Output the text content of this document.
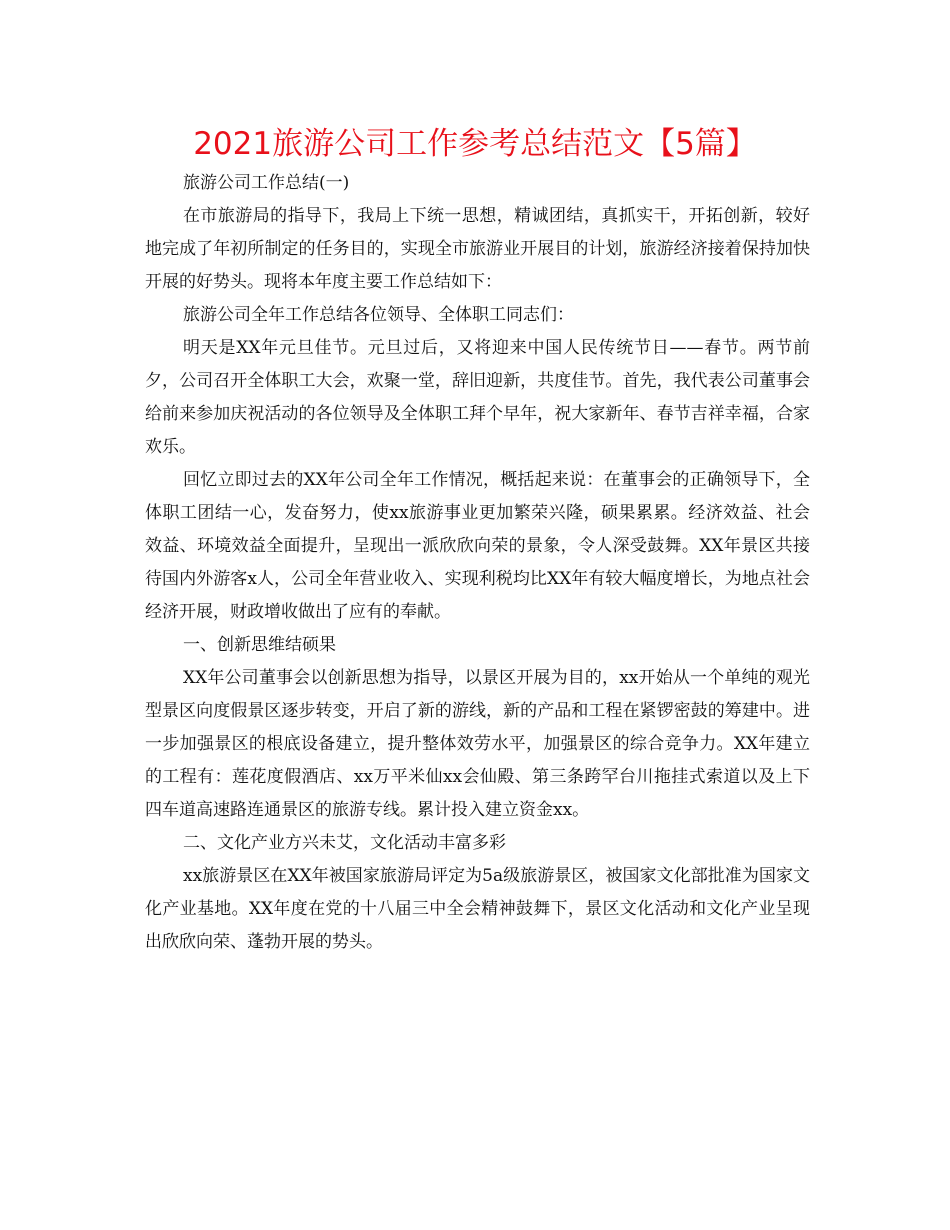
2021旅游公司工作参考总结范文【5篇】

旅游公司工作总结(一)

在市旅游局的指导下，我局上下统一思想，精诚团结，真抓实干，开拓创新，较好地完成了年初所制定的任务目的，实现全市旅游业开展目的计划，旅游经济接着保持加快开展的好势头。现将本年度主要工作总结如下：

旅游公司全年工作总结各位领导、全体职工同志们：

明天是XX年元旦佳节。元旦过后，又将迎来中国人民传统节日——春节。两节前夕，公司召开全体职工大会，欢聚一堂，辞旧迎新，共度佳节。首先，我代表公司董事会给前来参加庆祝活动的各位领导及全体职工拜个早年，祝大家新年、春节吉祥幸福，合家欢乐。

回忆立即过去的XX年公司全年工作情况，概括起来说：在董事会的正确领导下，全体职工团结一心，发奋努力，使xx旅游事业更加繁荣兴隆，硕果累累。经济效益、社会效益、环境效益全面提升，呈现出一派欣欣向荣的景象，令人深受鼓舞。XX年景区共接待国内外游客x人，公司全年营业收入、实现利税均比XX年有较大幅度增长，为地点社会经济开展，财政增收做出了应有的奉献。

一、创新思维结硕果

XX年公司董事会以创新思想为指导，以景区开展为目的，xx开始从一个单纯的观光型景区向度假景区逐步转变，开启了新的游线，新的产品和工程在紧锣密鼓的筹建中。进一步加强景区的根底设备建立，提升整体效劳水平，加强景区的综合竞争力。XX年建立的工程有：莲花度假酒店、xx万平米仙xx会仙殿、第三条跨罕台川拖挂式索道以及上下四车道高速路连通景区的旅游专线。累计投入建立资金xx。

二、文化产业方兴未艾，文化活动丰富多彩

xx旅游景区在XX年被国家旅游局评定为5a级旅游景区，被国家文化部批准为国家文化产业基地。XX年度在党的十八届三中全会精神鼓舞下，景区文化活动和文化产业呈现出欣欣向荣、蓬勃开展的势头。
